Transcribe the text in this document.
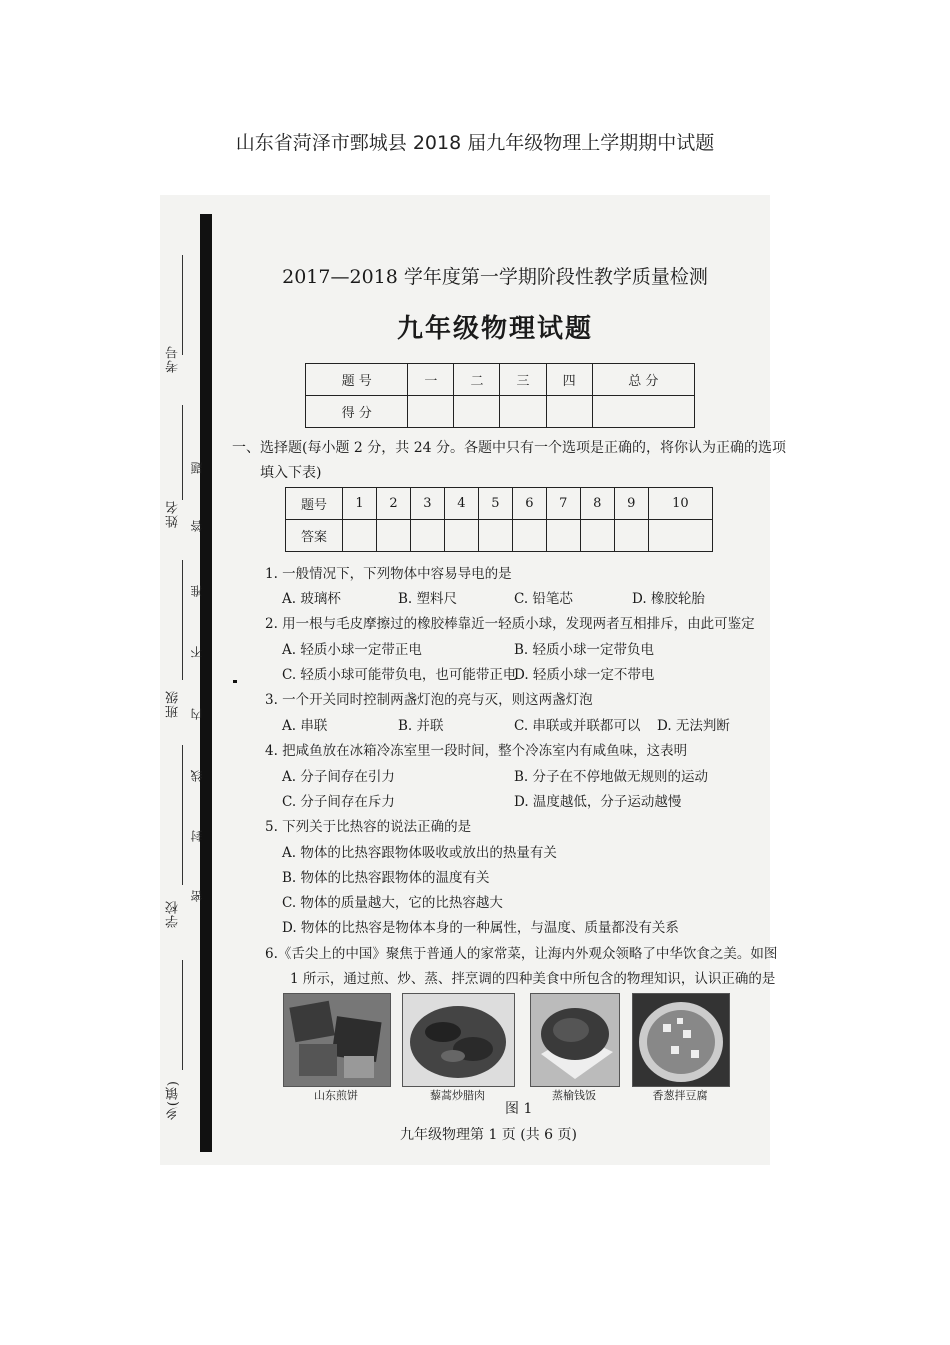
山东省菏泽市鄄城县 2018 届九年级物理上学期期中试题
考号
姓名
班级
学校
乡(镇)
题
答
准
不
内
线
封
密
2017—2018 学年度第一学期阶段性教学质量检测
九年级物理试题
题 号	一	二	三	四	总 分
得 分					
一、选择题(每小题 2 分，共 24 分。各题中只有一个选项是正确的，将你认为正确的选项
填入下表)
题号	1	2	3	4	5	6	7	8	9	10
答案										
1. 一般情况下，下列物体中容易导电的是
A. 玻璃杯	B. 塑料尺	C. 铅笔芯	D. 橡胶轮胎
2. 用一根与毛皮摩擦过的橡胶棒靠近一轻质小球，发现两者互相排斥，由此可鉴定
A. 轻质小球一定带正电	B. 轻质小球一定带负电
C. 轻质小球可能带负电，也可能带正电
D. 轻质小球一定不带电
3. 一个开关同时控制两盏灯泡的亮与灭，则这两盏灯泡
A. 串联	B. 并联	C. 串联或并联都可以 D. 无法判断
4. 把咸鱼放在冰箱冷冻室里一段时间，整个冷冻室内有咸鱼味，这表明
A. 分子间存在引力	B. 分子在不停地做无规则的运动
C. 分子间存在斥力	D. 温度越低，分子运动越慢
5. 下列关于比热容的说法正确的是
A. 物体的比热容跟物体吸收或放出的热量有关
B. 物体的比热容跟物体的温度有关
C. 物体的质量越大，它的比热容越大
D. 物体的比热容是物体本身的一种属性，与温度、质量都没有关系
6.《舌尖上的中国》聚焦于普通人的家常菜，让海内外观众领略了中华饮食之美。如图
1 所示，通过煎、炒、蒸、拌烹调的四种美食中所包含的物理知识，认识正确的是
山东煎饼	藜蒿炒腊肉	蒸榆钱饭	香葱拌豆腐
图 1
九年级物理第 1 页 (共 6 页)
